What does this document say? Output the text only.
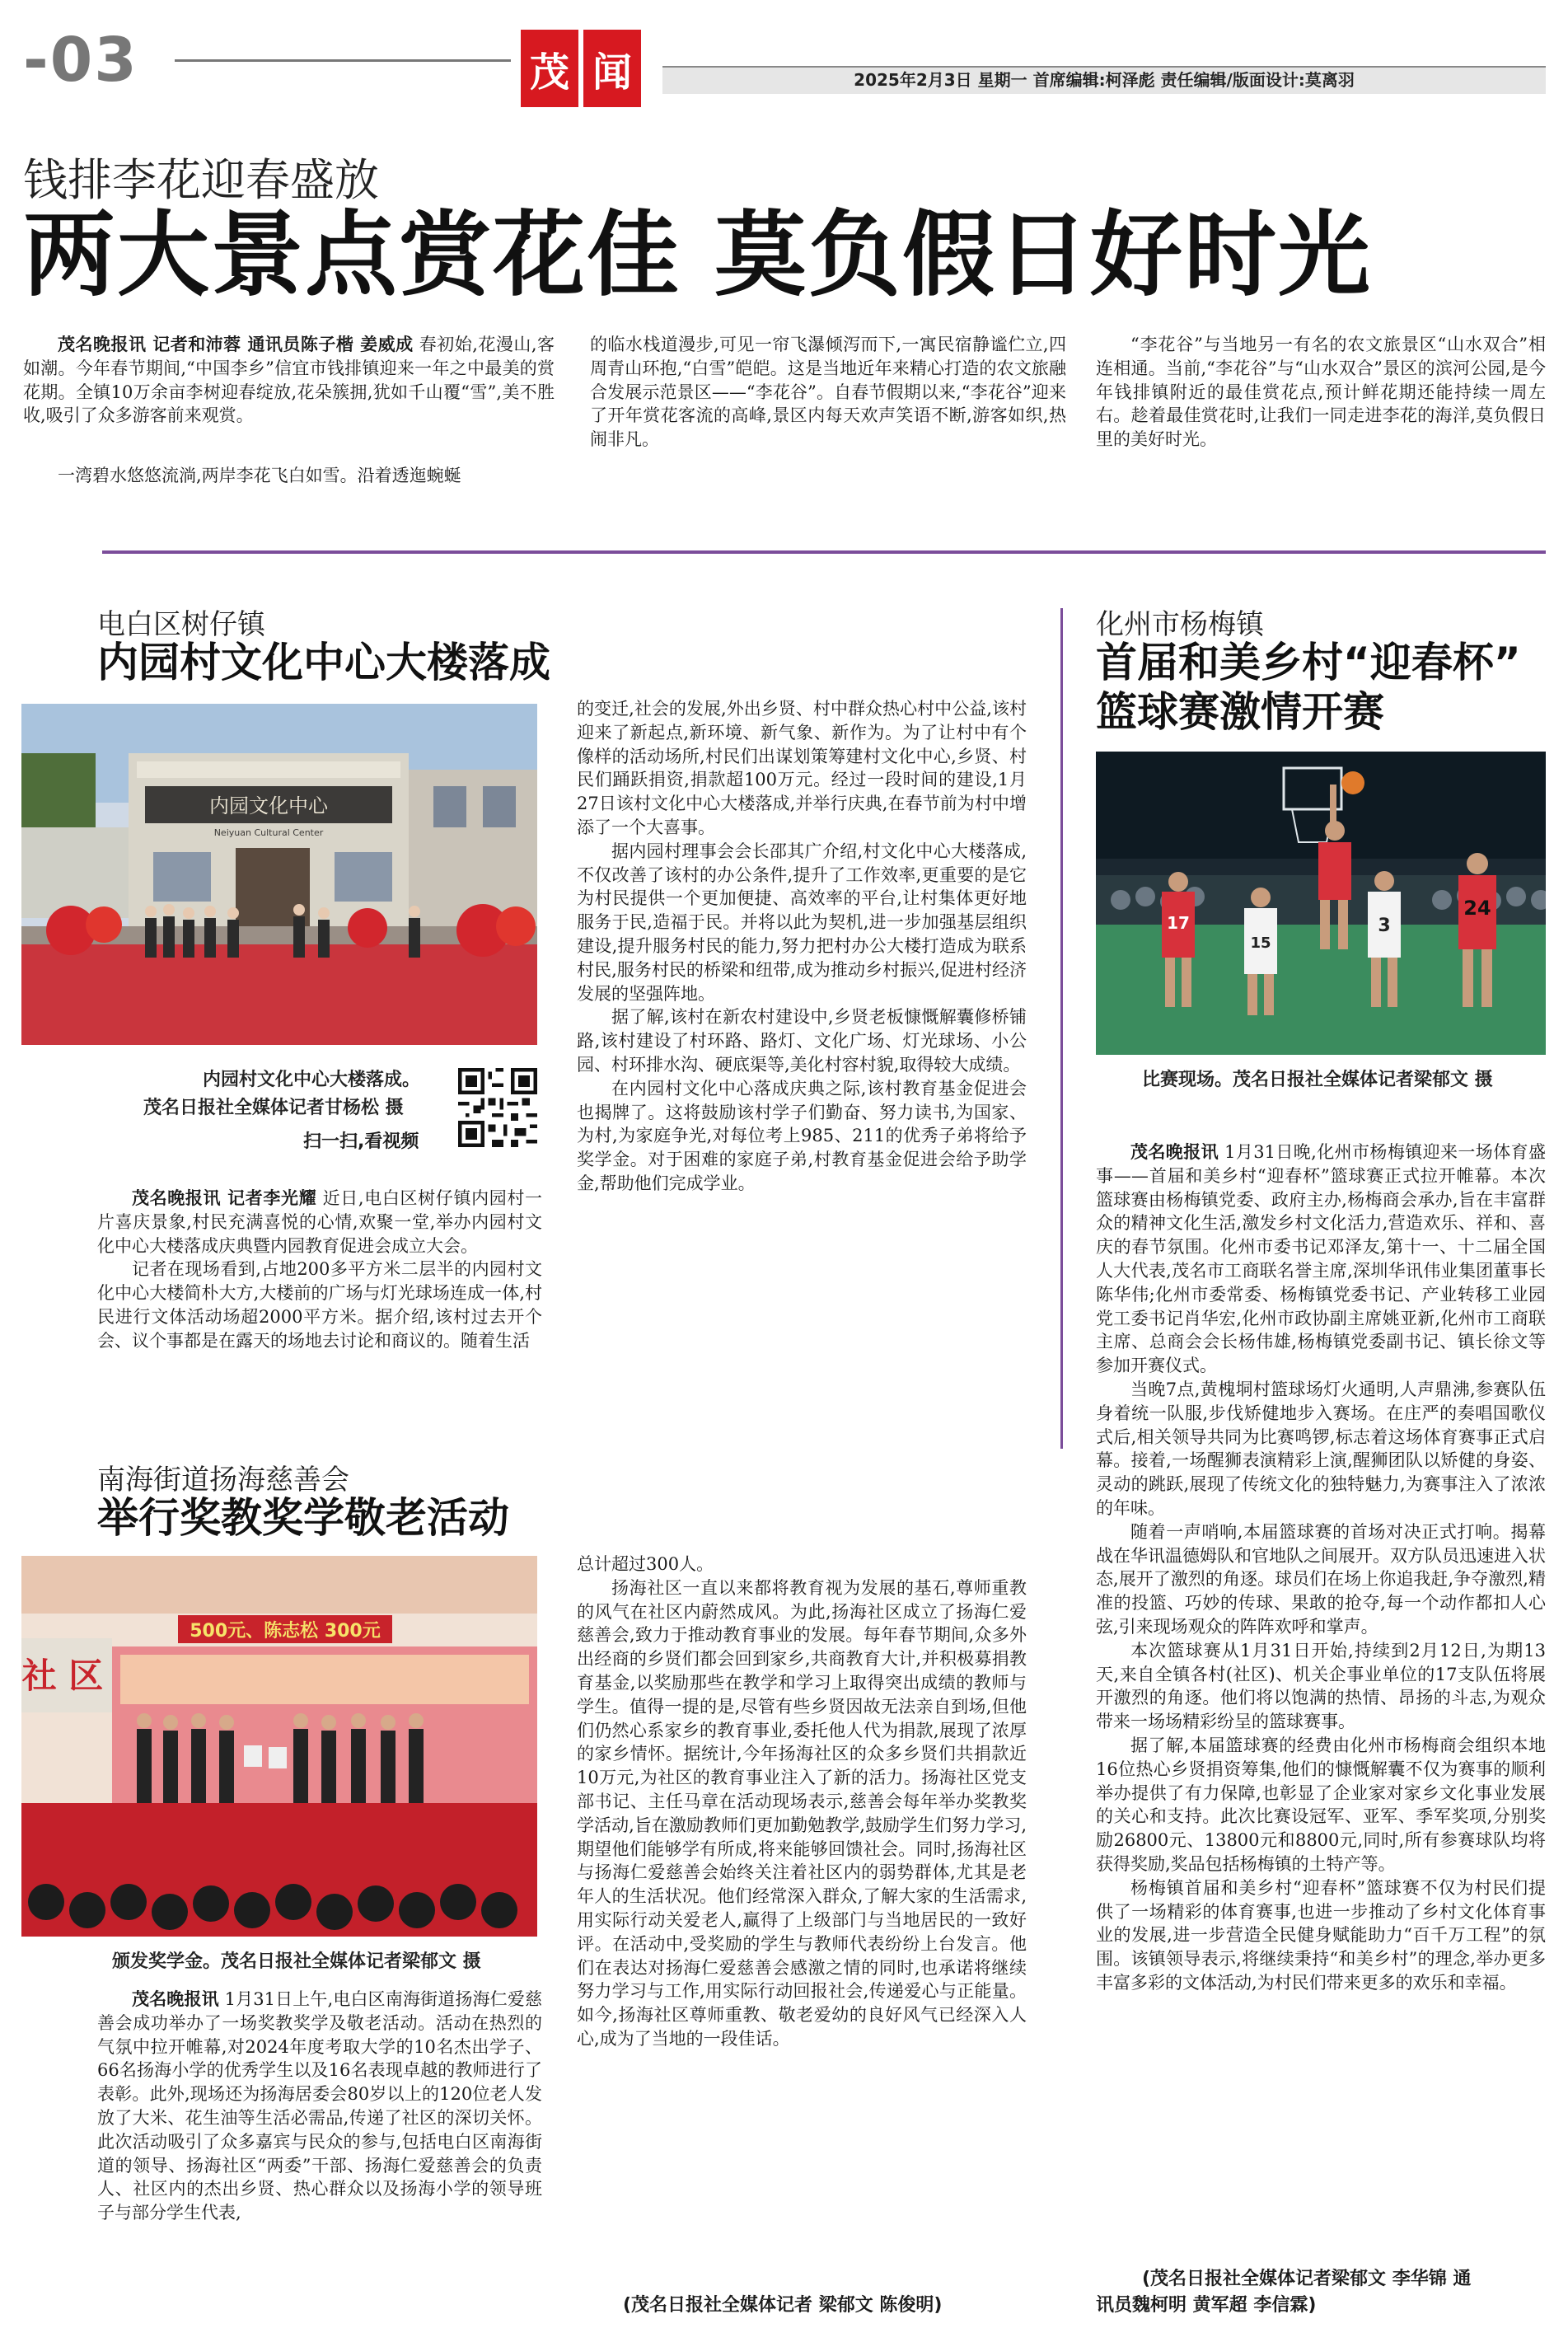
-03	茂 闻	2025年2月3日 星期一 首席编辑:柯泽彪 责任编辑/版面设计:莫离羽
钱排李花迎春盛放
两大景点赏花佳 莫负假日好时光

茂名晚报讯 记者和沛蓉 通讯员陈子楷 姜威成 春初始,花漫山,客如潮。今年春节期间,“中国李乡”信宜市钱排镇迎来一年之中最美的赏花期。全镇10万余亩李树迎春绽放,花朵簇拥,犹如千山覆“雪”,美不胜收,吸引了众多游客前来观赏。

一湾碧水悠悠流淌,两岸李花飞白如雪。沿着透迤蜿蜒

的临水栈道漫步,可见一帘飞瀑倾泻而下,一寓民宿静谧伫立,四周青山环抱,“白雪”皑皑。这是当地近年来精心打造的农文旅融合发展示范景区——“李花谷”。自春节假期以来,“李花谷”迎来了开年赏花客流的高峰,景区内每天欢声笑语不断,游客如织,热闹非凡。

“李花谷”与当地另一有名的农文旅景区“山水双合”相连相通。当前,“李花谷”与“山水双合”景区的滨河公园,是今年钱排镇附近的最佳赏花点,预计鲜花期还能持续一周左右。趁着最佳赏花时,让我们一同走进李花的海洋,莫负假日里的美好时光。

电白区树仔镇
内园村文化中心大楼落成
内园文化中心
Neiyuan Cultural Center
内园村文化中心大楼落成。
茂名日报社全媒体记者甘杨松 摄
扫一扫,看视频

茂名晚报讯 记者李光耀 近日,电白区树仔镇内园村一片喜庆景象,村民充满喜悦的心情,欢聚一堂,举办内园村文化中心大楼落成庆典暨内园教育促进会成立大会。

记者在现场看到,占地200多平方米二层半的内园村文化中心大楼简朴大方,大楼前的广场与灯光球场连成一体,村民进行文体活动场超2000平方米。据介绍,该村过去开个会、议个事都是在露天的场地去讨论和商议的。随着生活

的变迁,社会的发展,外出乡贤、村中群众热心村中公益,该村迎来了新起点,新环境、新气象、新作为。为了让村中有个像样的活动场所,村民们出谋划策筹建村文化中心,乡贤、村民们踊跃捐资,捐款超100万元。经过一段时间的建设,1月27日该村文化中心大楼落成,并举行庆典,在春节前为村中增添了一个大喜事。

据内园村理事会会长邵其广介绍,村文化中心大楼落成,不仅改善了该村的办公条件,提升了工作效率,更重要的是它为村民提供一个更加便捷、高效率的平台,让村集体更好地服务于民,造福于民。并将以此为契机,进一步加强基层组织建设,提升服务村民的能力,努力把村办公大楼打造成为联系村民,服务村民的桥梁和纽带,成为推动乡村振兴,促进村经济发展的坚强阵地。

据了解,该村在新农村建设中,乡贤老板慷慨解囊修桥铺路,该村建设了村环路、路灯、文化广场、灯光球场、小公园、村环排水沟、硬底渠等,美化村容村貌,取得较大成绩。

在内园村文化中心落成庆典之际,该村教育基金促进会也揭牌了。这将鼓励该村学子们勤奋、努力读书,为国家、为村,为家庭争光,对每位考上985、211的优秀子弟将给予奖学金。对于困难的家庭子弟,村教育基金促进会给予助学金,帮助他们完成学业。

化州市杨梅镇
首届和美乡村“迎春杯”
篮球赛激情开赛
17
24
3
15
比赛现场。茂名日报社全媒体记者梁郁文 摄

茂名晚报讯 1月31日晚,化州市杨梅镇迎来一场体育盛事——首届和美乡村“迎春杯”篮球赛正式拉开帷幕。本次篮球赛由杨梅镇党委、政府主办,杨梅商会承办,旨在丰富群众的精神文化生活,激发乡村文化活力,营造欢乐、祥和、喜庆的春节氛围。化州市委书记邓泽友,第十一、十二届全国人大代表,茂名市工商联名誉主席,深圳华讯伟业集团董事长陈华伟;化州市委常委、杨梅镇党委书记、产业转移工业园党工委书记肖华宏,化州市政协副主席姚亚新,化州市工商联主席、总商会会长杨伟雄,杨梅镇党委副书记、镇长徐文等参加开赛仪式。

当晚7点,黄槐垌村篮球场灯火通明,人声鼎沸,参赛队伍身着统一队服,步伐矫健地步入赛场。在庄严的奏唱国歌仪式后,相关领导共同为比赛鸣锣,标志着这场体育赛事正式启幕。接着,一场醒狮表演精彩上演,醒狮团队以矫健的身姿、灵动的跳跃,展现了传统文化的独特魅力,为赛事注入了浓浓的年味。

随着一声哨响,本届篮球赛的首场对决正式打响。揭幕战在华讯温德姆队和官地队之间展开。双方队员迅速进入状态,展开了激烈的角逐。球员们在场上你追我赶,争夺激烈,精准的投篮、巧妙的传球、果敢的抢夺,每一个动作都扣人心弦,引来现场观众的阵阵欢呼和掌声。

本次篮球赛从1月31日开始,持续到2月12日,为期13天,来自全镇各村(社区)、机关企事业单位的17支队伍将展开激烈的角逐。他们将以饱满的热情、昂扬的斗志,为观众带来一场场精彩纷呈的篮球赛事。

据了解,本届篮球赛的经费由化州市杨梅商会组织本地16位热心乡贤捐资筹集,他们的慷慨解囊不仅为赛事的顺利举办提供了有力保障,也彰显了企业家对家乡文化事业发展的关心和支持。此次比赛设冠军、亚军、季军奖项,分别奖励26800元、13800元和8800元,同时,所有参赛球队均将获得奖励,奖品包括杨梅镇的土特产等。

杨梅镇首届和美乡村“迎春杯”篮球赛不仅为村民们提供了一场精彩的体育赛事,也进一步推动了乡村文化体育事业的发展,进一步营造全民健身赋能助力“百千万工程”的氛围。该镇领导表示,将继续秉持“和美乡村”的理念,举办更多丰富多彩的文体活动,为村民们带来更多的欢乐和幸福。

(茂名日报社全媒体记者梁郁文 李华锦 通
讯员魏柯明 黄军超 李信霖)
南海街道扬海慈善会
举行奖教奖学敬老活动
500元、陈志松 300元
社 区
颁发奖学金。茂名日报社全媒体记者梁郁文 摄

茂名晚报讯 1月31日上午,电白区南海街道扬海仁爱慈善会成功举办了一场奖教奖学及敬老活动。活动在热烈的气氛中拉开帷幕,对2024年度考取大学的10名杰出学子、66名扬海小学的优秀学生以及16名表现卓越的教师进行了表彰。此外,现场还为扬海居委会80岁以上的120位老人发放了大米、花生油等生活必需品,传递了社区的深切关怀。此次活动吸引了众多嘉宾与民众的参与,包括电白区南海街道的领导、扬海社区“两委”干部、扬海仁爱慈善会的负责人、社区内的杰出乡贤、热心群众以及扬海小学的领导班子与部分学生代表,

总计超过300人。

扬海社区一直以来都将教育视为发展的基石,尊师重教的风气在社区内蔚然成风。为此,扬海社区成立了扬海仁爱慈善会,致力于推动教育事业的发展。每年春节期间,众多外出经商的乡贤们都会回到家乡,共商教育大计,并积极募捐教育基金,以奖励那些在教学和学习上取得突出成绩的教师与学生。值得一提的是,尽管有些乡贤因故无法亲自到场,但他们仍然心系家乡的教育事业,委托他人代为捐款,展现了浓厚的家乡情怀。据统计,今年扬海社区的众多乡贤们共捐款近10万元,为社区的教育事业注入了新的活力。扬海社区党支部书记、主任马章在活动现场表示,慈善会每年举办奖教奖学活动,旨在激励教师们更加勤勉教学,鼓励学生们努力学习,期望他们能够学有所成,将来能够回馈社会。同时,扬海社区与扬海仁爱慈善会始终关注着社区内的弱势群体,尤其是老年人的生活状况。他们经常深入群众,了解大家的生活需求,用实际行动关爱老人,赢得了上级部门与当地居民的一致好评。在活动中,受奖励的学生与教师代表纷纷上台发言。他们在表达对扬海仁爱慈善会感激之情的同时,也承诺将继续努力学习与工作,用实际行动回报社会,传递爱心与正能量。如今,扬海社区尊师重教、敬老爱幼的良好风气已经深入人心,成为了当地的一段佳话。

(茂名日报社全媒体记者 梁郁文 陈俊明)
